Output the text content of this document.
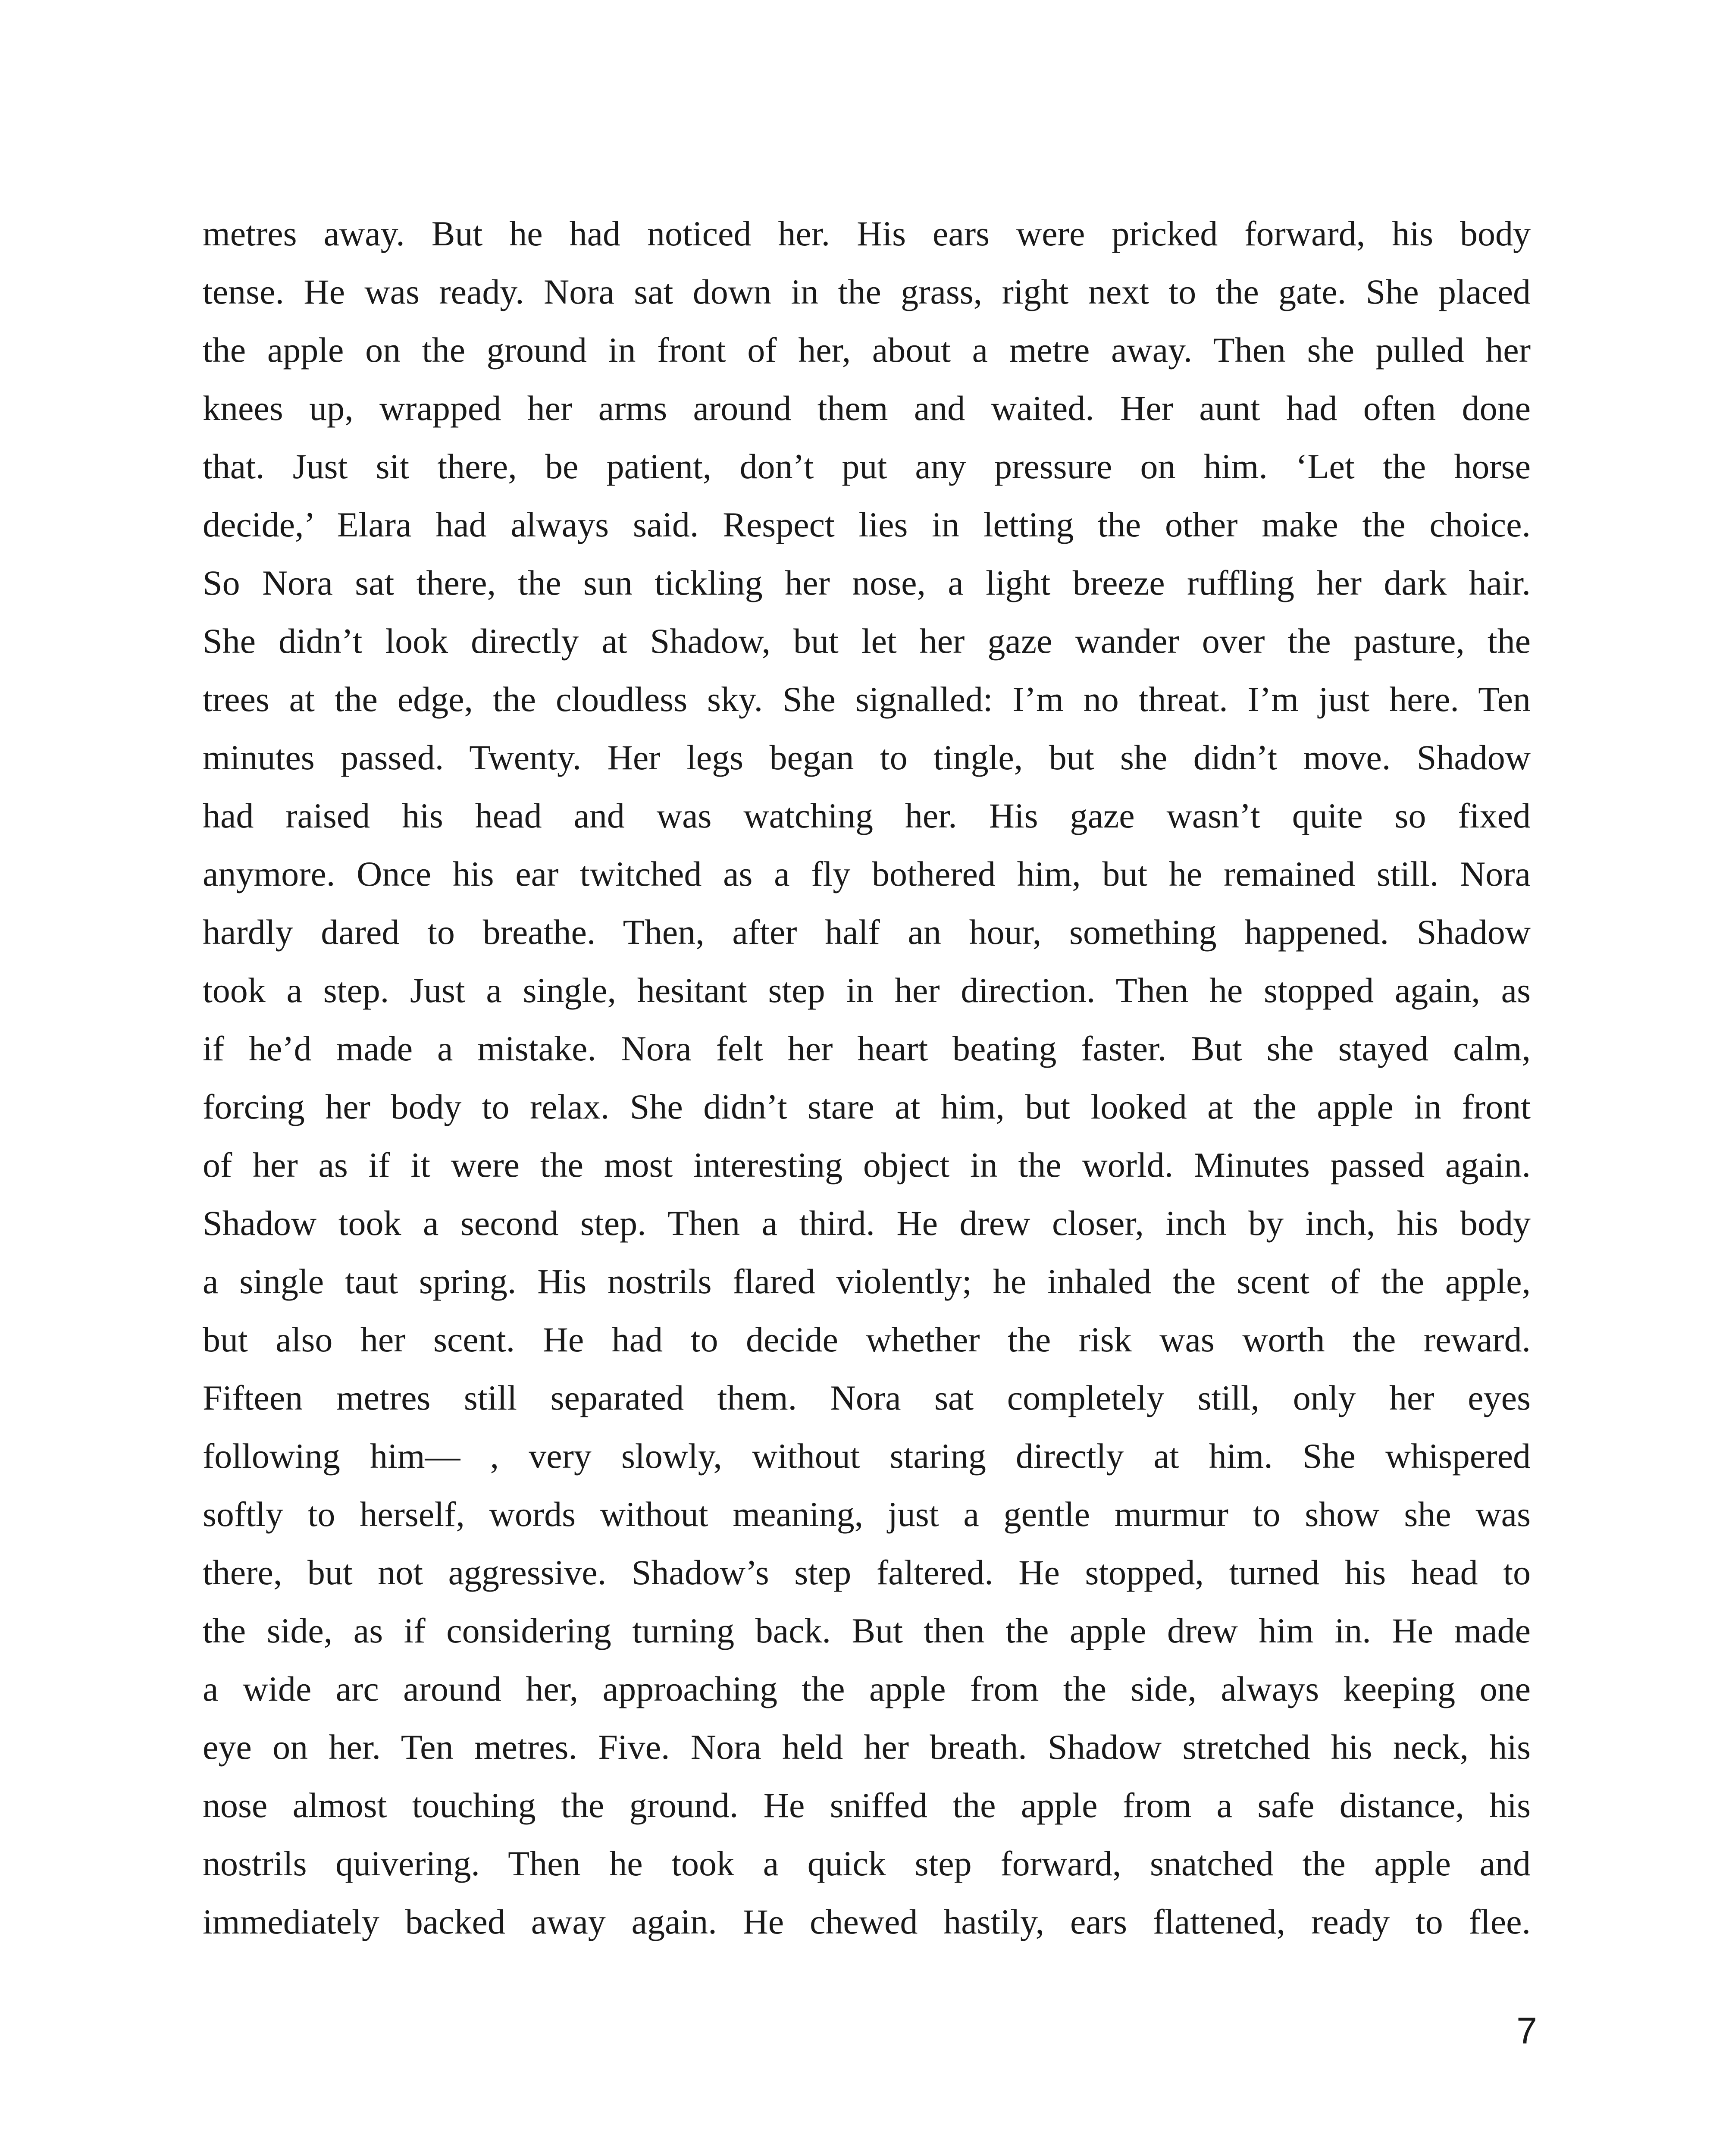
metres away. But he had noticed her. His ears were pricked forward, his body
tense. He was ready. Nora sat down in the grass, right next to the gate. She placed
the apple on the ground in front of her, about a metre away. Then she pulled her
knees up, wrapped her arms around them and waited. Her aunt had often done
that. Just sit there, be patient, don’t put any pressure on him. ‘Let the horse
decide,’ Elara had always said. Respect lies in letting the other make the choice.
So Nora sat there, the sun tickling her nose, a light breeze ruffling her dark hair.
She didn’t look directly at Shadow, but let her gaze wander over the pasture, the
trees at the edge, the cloudless sky. She signalled: I’m no threat. I’m just here. Ten
minutes passed. Twenty. Her legs began to tingle, but she didn’t move. Shadow
had raised his head and was watching her. His gaze wasn’t quite so fixed
anymore. Once his ear twitched as a fly bothered him, but he remained still. Nora
hardly dared to breathe. Then, after half an hour, something happened. Shadow
took a step. Just a single, hesitant step in her direction. Then he stopped again, as
if he’d made a mistake. Nora felt her heart beating faster. But she stayed calm,
forcing her body to relax. She didn’t stare at him, but looked at the apple in front
of her as if it were the most interesting object in the world. Minutes passed again.
Shadow took a second step. Then a third. He drew closer, inch by inch, his body
a single taut spring. His nostrils flared violently; he inhaled the scent of the apple,
but also her scent. He had to decide whether the risk was worth the reward.
Fifteen metres still separated them. Nora sat completely still, only her eyes
following him— , very slowly, without staring directly at him. She whispered
softly to herself, words without meaning, just a gentle murmur to show she was
there, but not aggressive. Shadow’s step faltered. He stopped, turned his head to
the side, as if considering turning back. But then the apple drew him in. He made
a wide arc around her, approaching the apple from the side, always keeping one
eye on her. Ten metres. Five. Nora held her breath. Shadow stretched his neck, his
nose almost touching the ground. He sniffed the apple from a safe distance, his
nostrils quivering. Then he took a quick step forward, snatched the apple and
immediately backed away again. He chewed hastily, ears flattened, ready to flee.
7
